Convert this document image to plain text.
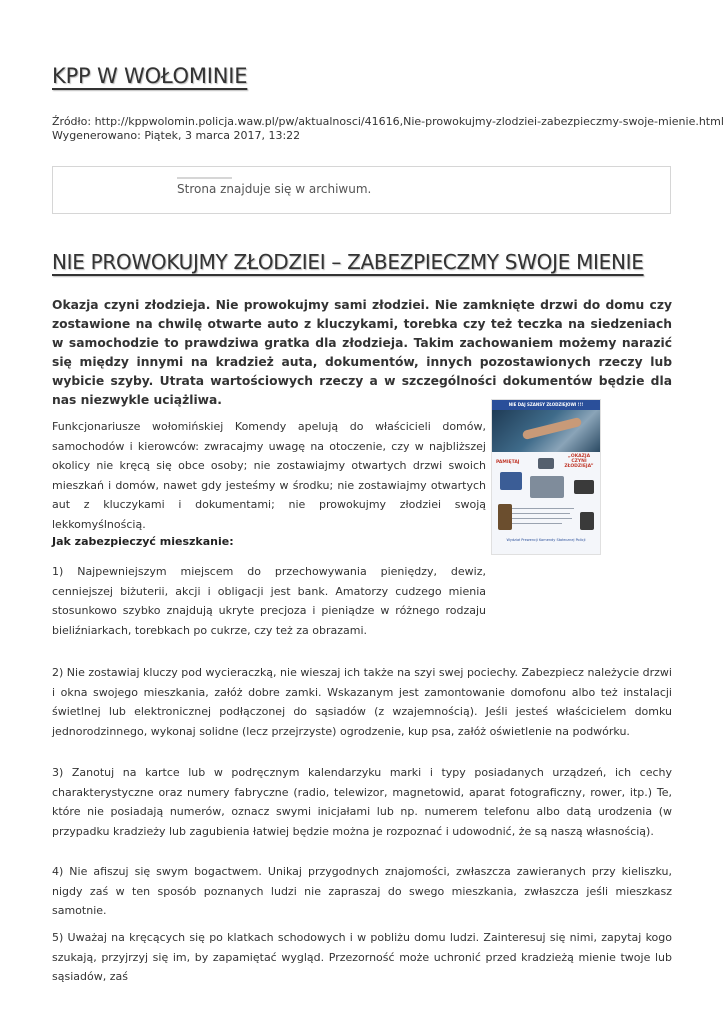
KPP W WOŁOMINIE
Źródło: http://kppwolomin.policja.waw.pl/pw/aktualnosci/41616,Nie-prowokujmy-zlodziei-zabezpieczmy-swoje-mienie.html
Wygenerowano: Piątek, 3 marca 2017, 13:22
Strona znajduje się w archiwum.
NIE PROWOKUJMY ZŁODZIEI – ZABEZPIECZMY SWOJE MIENIE

Okazja czyni złodzieja. Nie prowokujmy sami złodziei. Nie zamknięte drzwi do domu czy zostawione na chwilę otwarte auto z kluczykami, torebka czy też teczka na siedzeniach w samochodzie to prawdziwa gratka dla złodzieja. Takim zachowaniem możemy narazić się między innymi na kradzież auta, dokumentów, innych pozostawionych rzeczy lub wybicie szyby. Utrata wartościowych rzeczy a w szczególności dokumentów będzie dla nas niezwykle uciążliwa.

Funkcjonariusze wołomińskiej Komendy apelują do właścicieli domów, samochodów i kierowców: zwracajmy uwagę na otoczenie, czy w najbliższej okolicy nie kręcą się obce osoby; nie zostawiajmy otwartych drzwi swoich mieszkań i domów, nawet gdy jesteśmy w środku; nie zostawiajmy otwartych aut z kluczykami i dokumentami; nie prowokujmy złodziei swoją lekkomyślnością.

NIE DAJ SZANSY ZŁODZIEJOWI !!!
PAMIĘTAJ
„OKAZJA CZYNI ZŁODZIEJA”
Wydział Prewencji Komendy Stołecznej Policji
Jak zabezpieczyć mieszkanie:

1) Najpewniejszym miejscem do przechowywania pieniędzy, dewiz, cenniejszej biżuterii, akcji i obligacji jest bank. Amatorzy cudzego mienia stosunkowo szybko znajdują ukryte precjoza i pieniądze w różnego rodzaju bieliźniarkach, torebkach po cukrze, czy też za obrazami.

2) Nie zostawiaj kluczy pod wycieraczką, nie wieszaj ich także na szyi swej pociechy. Zabezpiecz należycie drzwi i okna swojego mieszkania, załóż dobre zamki. Wskazanym jest zamontowanie domofonu albo też instalacji świetlnej lub elektronicznej podłączonej do sąsiadów (z wzajemnością). Jeśli jesteś właścicielem domku jednorodzinnego, wykonaj solidne (lecz przejrzyste) ogrodzenie, kup psa, załóż oświetlenie na podwórku.

3) Zanotuj na kartce lub w podręcznym kalendarzyku marki i typy posiadanych urządzeń, ich cechy charakterystyczne oraz numery fabryczne (radio, telewizor, magnetowid, aparat fotograficzny, rower, itp.) Te, które nie posiadają numerów, oznacz swymi inicjałami lub np. numerem telefonu albo datą urodzenia (w przypadku kradzieży lub zagubienia łatwiej będzie można je rozpoznać i udowodnić, że są naszą własnością).

4) Nie afiszuj się swym bogactwem. Unikaj przygodnych znajomości, zwłaszcza zawieranych przy kieliszku, nigdy zaś w ten sposób poznanych ludzi nie zapraszaj do swego mieszkania, zwłaszcza jeśli mieszkasz samotnie.

5) Uważaj na kręcących się po klatkach schodowych i w pobliżu domu ludzi. Zainteresuj się nimi, zapytaj kogo szukają, przyjrzyj się im, by zapamiętać wygląd. Przezorność może uchronić przed kradzieżą mienie twoje lub sąsiadów, zaś
